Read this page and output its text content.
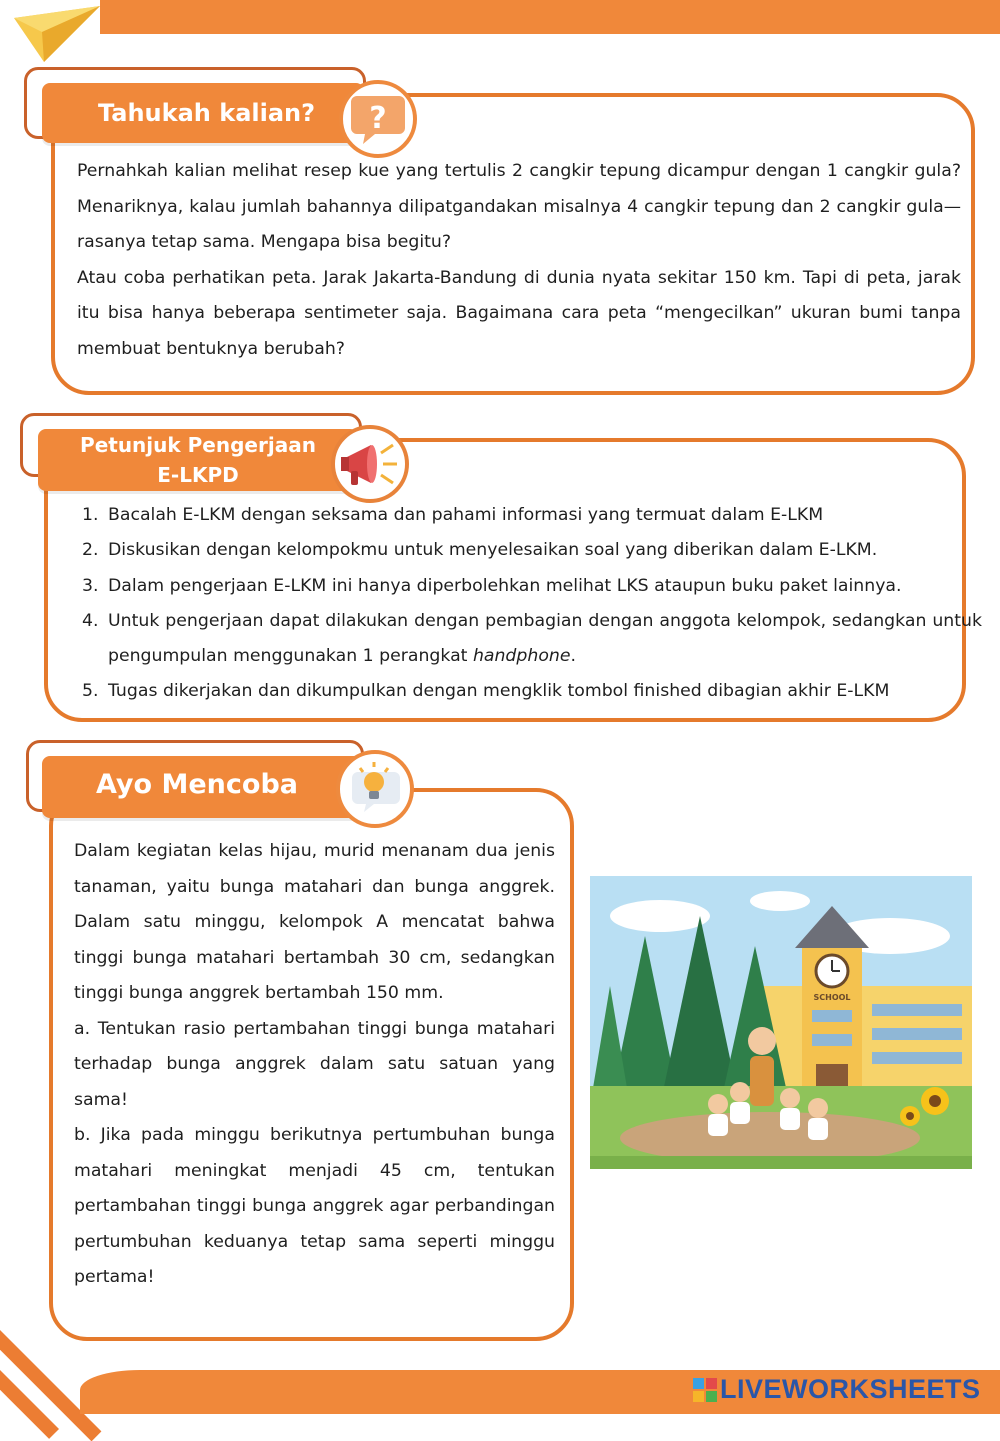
Tahukah kalian?	?

Pernahkah kalian melihat resep kue yang tertulis 2 cangkir tepung dicampur dengan 1 cangkir gula? Menariknya, kalau jumlah bahannya dilipatgandakan misalnya 4 cangkir tepung dan 2 cangkir gula—rasanya tetap sama. Mengapa bisa begitu?

Atau coba perhatikan peta. Jarak Jakarta-Bandung di dunia nyata sekitar 150 km. Tapi di peta, jarak itu bisa hanya beberapa sentimeter saja. Bagaimana cara peta “mengecilkan” ukuran bumi tanpa membuat bentuknya berubah?

Petunjuk Pengerjaan
E-LKPD
1. Bacalah E-LKM dengan seksama dan pahami informasi yang termuat dalam E-LKM
2. Diskusikan dengan kelompokmu untuk menyelesaikan soal yang diberikan dalam E-LKM.
3. Dalam pengerjaan E-LKM ini hanya diperbolehkan melihat LKS ataupun buku paket lainnya.
4. Untuk pengerjaan dapat dilakukan dengan pembagian dengan anggota kelompok, sedangkan untuk pengumpulan menggunakan 1 perangkat handphone.
5. Tugas dikerjakan dan dikumpulkan dengan mengklik tombol finished dibagian akhir E-LKM
Ayo Mencoba

Dalam kegiatan kelas hijau, murid menanam dua jenis tanaman, yaitu bunga matahari dan bunga anggrek. Dalam satu minggu, kelompok A mencatat bahwa tinggi bunga matahari bertambah 30 cm, sedangkan tinggi bunga anggrek bertambah 150 mm.

a. Tentukan rasio pertambahan tinggi bunga matahari terhadap bunga anggrek dalam satu satuan yang sama!

b. Jika pada minggu berikutnya pertumbuhan bunga matahari meningkat menjadi 45 cm, tentukan pertambahan tinggi bunga anggrek agar perbandingan pertumbuhan keduanya tetap sama seperti minggu pertama!

SCHOOL
LIVEWORKSHEETS
